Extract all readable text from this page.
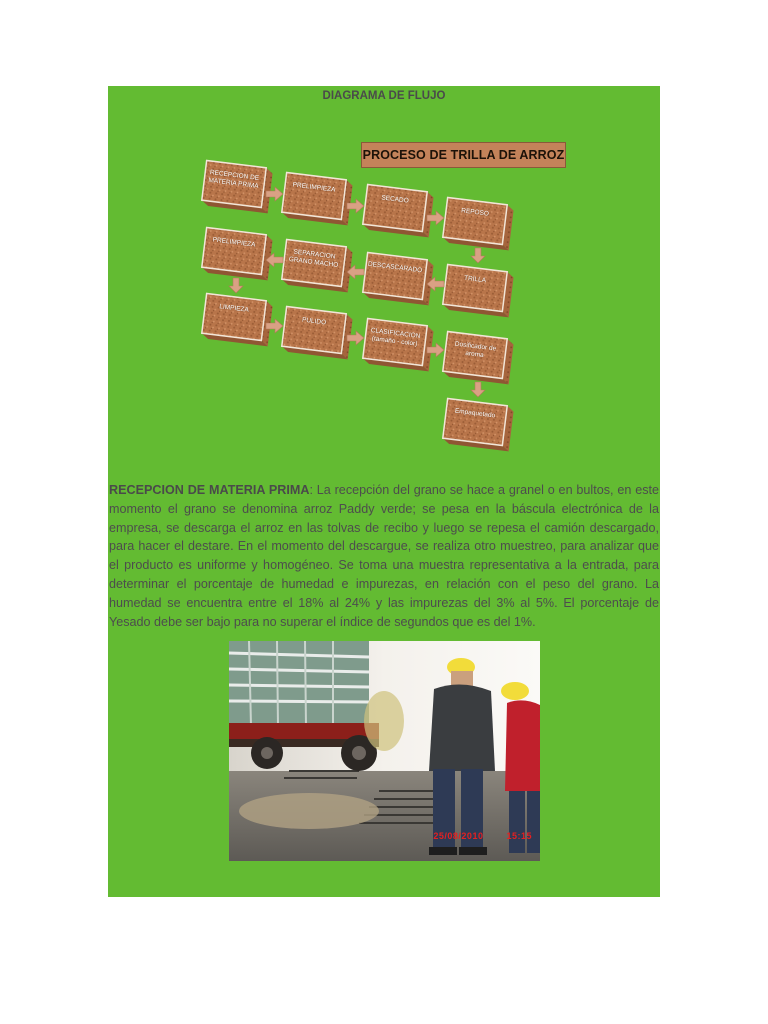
DIAGRAMA DE FLUJO
PROCESO DE TRILLA DE ARROZ
RECEPCION DE MATERIA PRIMA	PRELIMPIEZA
SECADO
REPOSO
PRELIMPIEZA
SEPARACION GRANO MACHO	DESCASCARADO
TRILLA
LIMPIEZA
PULIDO
CLASIFICACION (tamaño - color)	Dosificador de aroma
Empaquetado
RECEPCION DE MATERIA PRIMA: La recepción del grano se hace a granel o en bultos, en este momento el grano se denomina arroz Paddy verde; se pesa en la báscula electrónica de la empresa, se descarga el arroz en las tolvas de recibo y luego se repesa el camión descargado, para hacer el destare. En el momento del descargue, se realiza otro muestreo, para analizar que el producto es uniforme y homogéneo. Se toma una muestra representativa a la entrada, para determinar el porcentaje de humedad e impurezas, en relación con el peso del grano. La humedad se encuentra entre el 18% al 24% y las impurezas del 3% al 5%. El porcentaje de Yesado debe ser bajo para no superar el índice de segundos que es del 1%.
25/08/2010	15:15
